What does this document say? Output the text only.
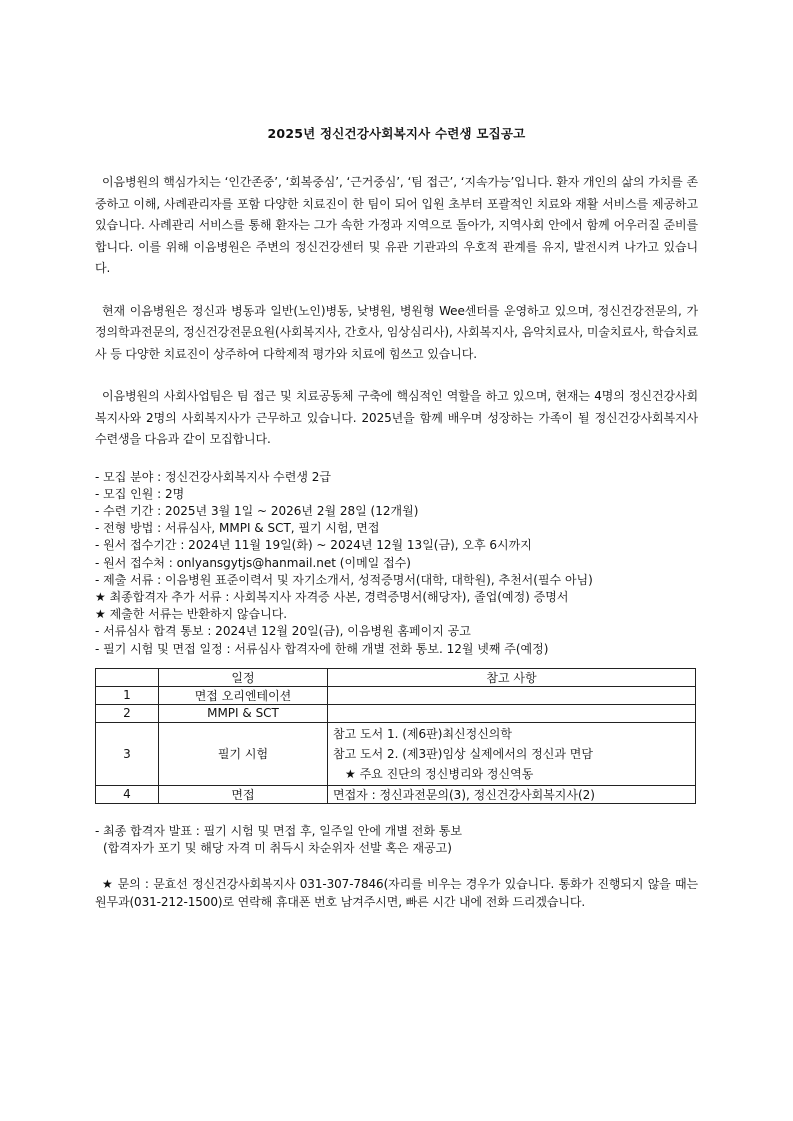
2025년 정신건강사회복지사 수련생 모집공고

이음병원의 핵심가치는 ‘인간존중’, ‘회복중심’, ‘근거중심’, ‘팀 접근’, ‘지속가능’입니다. 환자 개인의 삶의 가치를 존중하고 이해, 사례관리자를 포함 다양한 치료진이 한 팀이 되어 입원 초부터 포괄적인 치료와 재활 서비스를 제공하고 있습니다. 사례관리 서비스를 통해 환자는 그가 속한 가정과 지역으로 돌아가, 지역사회 안에서 함께 어우러질 준비를 합니다. 이를 위해 이음병원은 주변의 정신건강센터 및 유관 기관과의 우호적 관계를 유지, 발전시켜 나가고 있습니다.

현재 이음병원은 정신과 병동과 일반(노인)병동, 낮병원, 병원형 Wee센터를 운영하고 있으며, 정신건강전문의, 가정의학과전문의, 정신건강전문요원(사회복지사, 간호사, 임상심리사), 사회복지사, 음악치료사, 미술치료사, 학습치료사 등 다양한 치료진이 상주하여 다학제적 평가와 치료에 힘쓰고 있습니다.

이음병원의 사회사업팀은 팀 접근 및 치료공동체 구축에 핵심적인 역할을 하고 있으며, 현재는 4명의 정신건강사회복지사와 2명의 사회복지사가 근무하고 있습니다. 2025년을 함께 배우며 성장하는 가족이 될 정신건강사회복지사 수련생을 다음과 같이 모집합니다.

- 모집 분야 : 정신건강사회복지사 수련생 2급
- 모집 인원 : 2명
- 수련 기간 : 2025년 3월 1일 ~ 2026년 2월 28일 (12개월)
- 전형 방법 : 서류심사, MMPI & SCT, 필기 시험, 면접
- 원서 접수기간 : 2024년 11월 19일(화) ~ 2024년 12월 13일(금), 오후 6시까지
- 원서 접수처 : onlyansgytjs@hanmail.net (이메일 접수)
- 제출 서류 : 이음병원 표준이력서 및 자기소개서, 성적증명서(대학, 대학원), 추천서(필수 아님)
★ 최종합격자 추가 서류 : 사회복지사 자격증 사본, 경력증명서(해당자), 졸업(예정) 증명서
★ 제출한 서류는 반환하지 않습니다.
- 서류심사 합격 통보 : 2024년 12월 20일(금), 이음병원 홈페이지 공고
- 필기 시험 및 면접 일정 : 서류심사 합격자에 한해 개별 전화 통보. 12월 넷째 주(예정)
	일정	참고 사항
1	면접 오리엔테이션	
2	MMPI & SCT	
3	필기 시험	참고 도서 1. (제6판)최신정신의학
참고 도서 2. (제3판)임상 실제에서의 정신과 면담
★ 주요 진단의 정신병리와 정신역동

4	면접	면접자 : 정신과전문의(3), 정신건강사회복지사(2)
- 최종 합격자 발표 : 필기 시험 및 면접 후, 일주일 안에 개별 전화 통보
(합격자가 포기 및 해당 자격 미 취득시 차순위자 선발 혹은 재공고)

★ 문의 : 문효선 정신건강사회복지사 031-307-7846(자리를 비우는 경우가 있습니다. 통화가 진행되지 않을 때는 원무과(031-212-1500)로 연락해 휴대폰 번호 남겨주시면, 빠른 시간 내에 전화 드리겠습니다.
